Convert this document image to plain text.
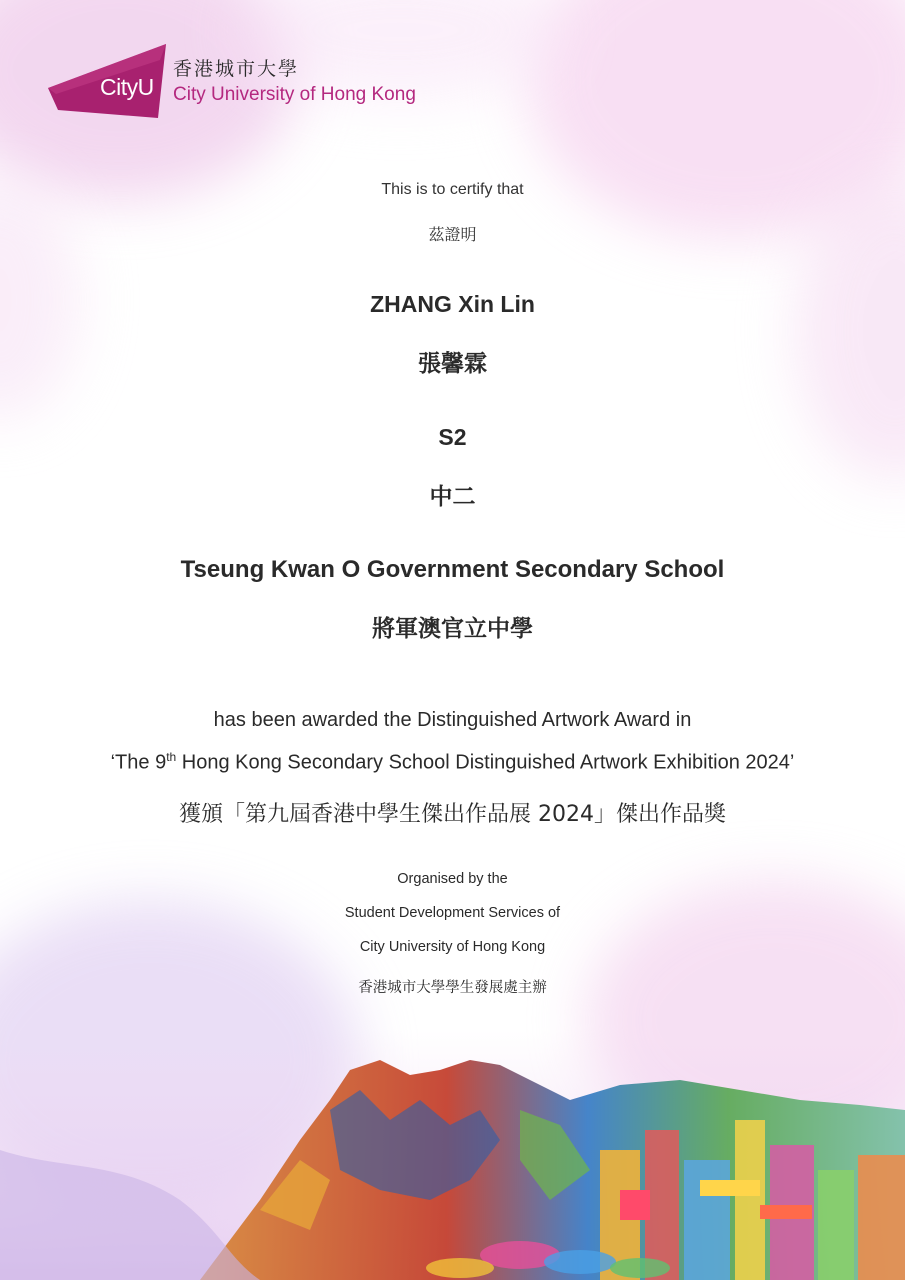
CityU
香港城市大學
City University of Hong Kong
This is to certify that
茲證明
ZHANG Xin Lin
張馨霖
S2
中二
Tseung Kwan O Government Secondary School
將軍澳官立中學
has been awarded the Distinguished Artwork Award in
‘The 9th Hong Kong Secondary School Distinguished Artwork Exhibition 2024’
獲頒「第九屆香港中學生傑出作品展 2024」傑出作品獎
Organised by the
Student Development Services of
City University of Hong Kong
香港城市大學學生發展處主辦
